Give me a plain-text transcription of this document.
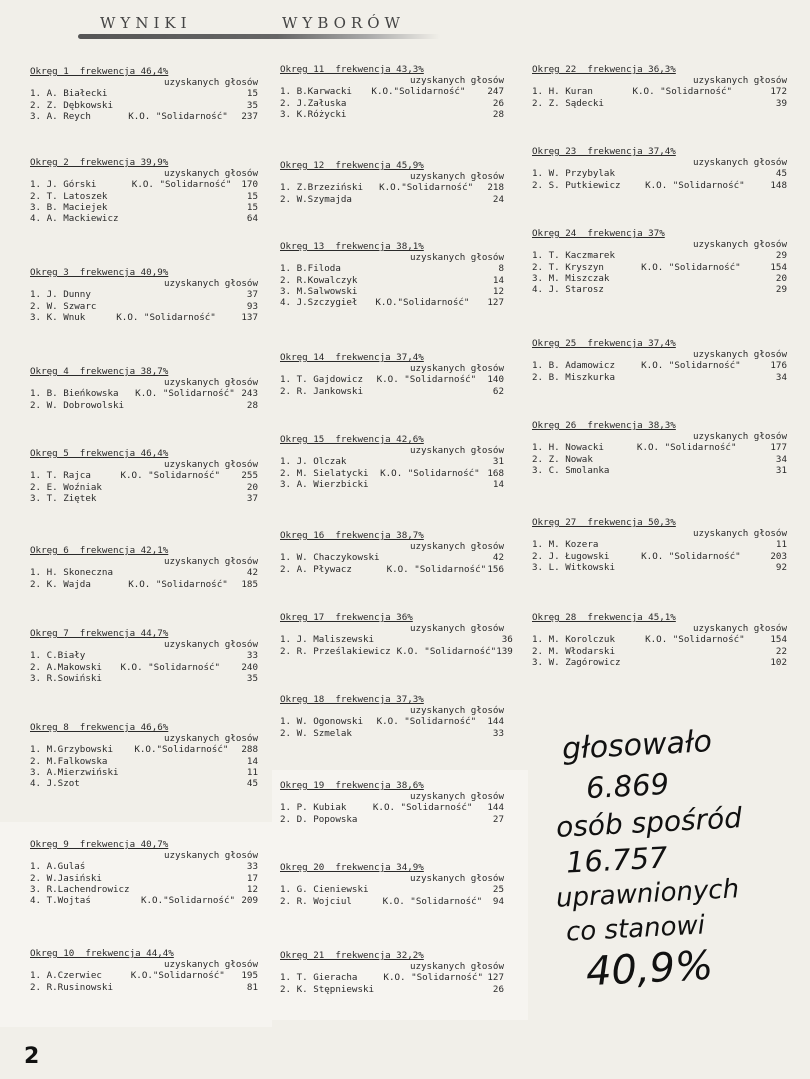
WYNIKI	WYBORÓW
Okręg 1  frekwencja 46,4%
uzyskanych głosów
1. A. Białecki		15
2. Z. Dębkowski		35
3. A. Reych	K.O. "Solidarność"	237
Okręg 2  frekwencja 39,9%
uzyskanych głosów
1. J. Górski	K.O. "Solidarność"	170
2. T. Latoszek		15
3. B. Maciejek		15
4. A. Mackiewicz		64
Okręg 3  frekwencja 40,9%
uzyskanych głosów
1. J. Dunny		37
2. W. Szwarc		93
3. K. Wnuk	K.O. "Solidarność"	137
Okręg 4  frekwencja 38,7%
uzyskanych głosów
1. B. Bieńkowska	K.O. "Solidarność"	243
2. W. Dobrowolski		28
Okręg 5  frekwencja 46,4%
uzyskanych głosów
1. T. Rajca	K.O. "Solidarność"	255
2. E. Woźniak		20
3. T. Ziętek		37
Okręg 6  frekwencja 42,1%
uzyskanych głosów
1. H. Skoneczna		42
2. K. Wajda	K.O. "Solidarność"	185
Okręg 7  frekwencja 44,7%
uzyskanych głosów
1. C.Biały		33
2. A.Makowski	K.O. "Solidarność"	240
3. R.Sowiński		35
Okręg 8  frekwencja 46,6%
uzyskanych głosów
1. M.Grzybowski	K.O."Solidarność"	288
2. M.Falkowska		14
3. A.Mierzwiński		11
4. J.Szot		45
Okręg 9  frekwencja 40,7%
uzyskanych głosów
1. A.Gulaś		33
2. W.Jasiński		17
3. R.Lachendrowicz		12
4. T.Wojtaś	K.O."Solidarność"	209
Okręg 10  frekwencja 44,4%
uzyskanych głosów
1. A.Czerwiec	K.O."Solidarność"	195
2. R.Rusinowski		81
Okręg 11  frekwencja 43,3%
uzyskanych głosów
1. B.Karwacki	K.O."Solidarność"	247
2. J.Załuska		26
3. K.Różycki		28
Okręg 12  frekwencja 45,9%
uzyskanych głosów
1. Z.Brzeziński	K.O."Solidarność"	218
2. W.Szymajda		24
Okręg 13  frekwencja 38,1%
uzyskanych głosów
1. B.Filoda		8
2. R.Kowalczyk		14
3. M.Salwowski		12
4. J.Szczygieł	K.O."Solidarność"	127
Okręg 14  frekwencja 37,4%
uzyskanych głosów
1. T. Gajdowicz	K.O. "Solidarność"	140
2. R. Jankowski		62
Okręg 15  frekwencja 42,6%
uzyskanych głosów
1. J. Olczak		31
2. M. Sielatycki	K.O. "Solidarność"	168
3. A. Wierzbicki		14
Okręg 16  frekwencja 38,7%
uzyskanych głosów
1. W. Chaczykowski		42
2. A. Pływacz	K.O. "Solidarność"	156
Okręg 17  frekwencja 36%
uzyskanych głosów
1. J. Maliszewski		36
2. R. Prześlakiewicz	K.O. "Solidarność"	139
Okręg 18  frekwencja 37,3%
uzyskanych głosów
1. W. Ogonowski	K.O. "Solidarność"	144
2. W. Szmelak		33
Okręg 19  frekwencja 38,6%
uzyskanych głosów
1. P. Kubiak	K.O. "Solidarność"	144
2. D. Popowska		27
Okręg 20  frekwencja 34,9%
uzyskanych głosów
1. G. Cieniewski		25
2. R. Wojciul	K.O. "Solidarność"	94
Okręg 21  frekwencja 32,2%
uzyskanych głosów
1. T. Gieracha	K.O. "Solidarność"	127
2. K. Stępniewski		26
Okręg 22  frekwencja 36,3%
uzyskanych głosów
1. H. Kuran	K.O. "Solidarność"	172
2. Z. Sądecki		39
Okręg 23  frekwencja 37,4%
uzyskanych głosów
1. W. Przybylak		45
2. S. Putkiewicz	K.O. "Solidarność"	148
Okręg 24  frekwencja 37%
uzyskanych głosów
1. T. Kaczmarek		29
2. T. Kryszyn	K.O. "Solidarność"	154
3. M. Miszczak		20
4. J. Starosz		29
Okręg 25  frekwencja 37,4%
uzyskanych głosów
1. B. Adamowicz	K.O. "Solidarność"	176
2. B. Miszkurka		34
Okręg 26  frekwencja 38,3%
uzyskanych głosów
1. H. Nowacki	K.O. "Solidarność"	177
2. Z. Nowak		34
3. C. Smolanka		31
Okręg 27  frekwencja 50,3%
uzyskanych głosów
1. M. Kozera		11
2. J. Ługowski	K.O. "Solidarność"	203
3. L. Witkowski		92
Okręg 28  frekwencja 45,1%
uzyskanych głosów
1. M. Korolczuk	K.O. "Solidarność"	154
2. M. Włodarski		22
3. W. Zagórowicz		102
głosowało
6.869
osób spośród
16.757
uprawnionych
co stanowi
40,9%
2
